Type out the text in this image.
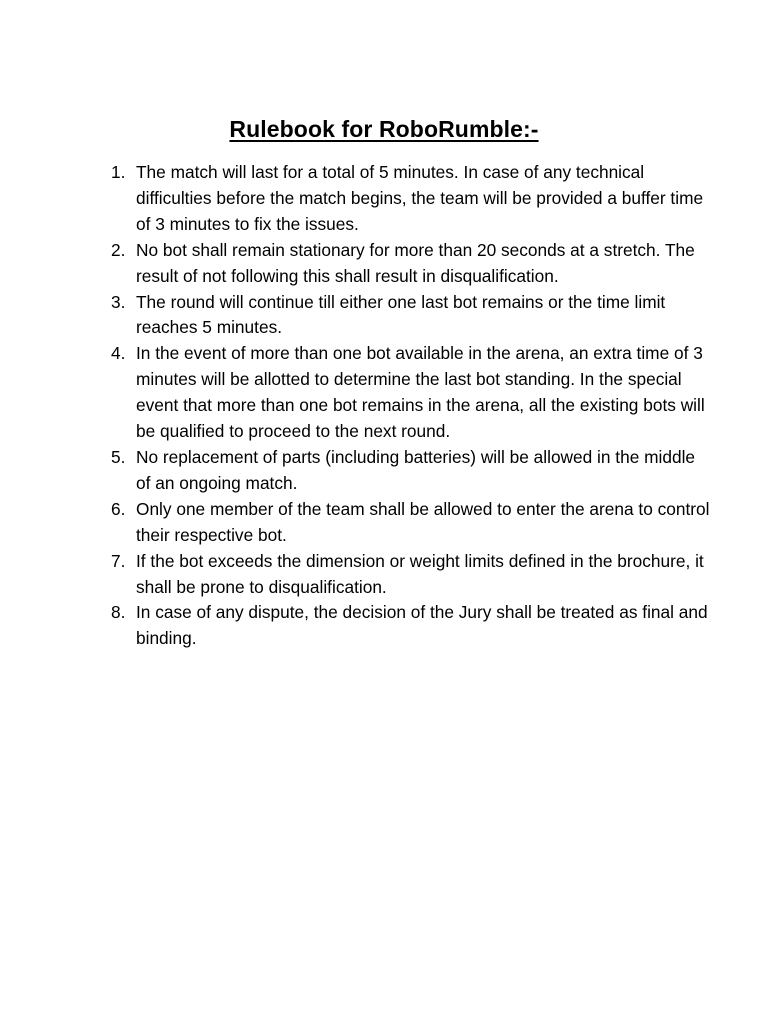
Rulebook for RoboRumble:-
1. The match will last for a total of 5 minutes. In case of any technical difficulties before the match begins, the team will be provided a buffer time of 3 minutes to fix the issues.
2. No bot shall remain stationary for more than 20 seconds at a stretch. The result of not following this shall result in disqualification.
3. The round will continue till either one last bot remains or the time limit reaches 5 minutes.
4. In the event of more than one bot available in the arena, an extra time of 3 minutes will be allotted to determine the last bot standing. In the special event that more than one bot remains in the arena, all the existing bots will be qualified to proceed to the next round.
5. No replacement of parts (including batteries) will be allowed in the middle of an ongoing match.
6. Only one member of the team shall be allowed to enter the arena to control their respective bot.
7. If the bot exceeds the dimension or weight limits defined in the brochure, it shall be prone to disqualification.
8. In case of any dispute, the decision of the Jury shall be treated as final and binding.
